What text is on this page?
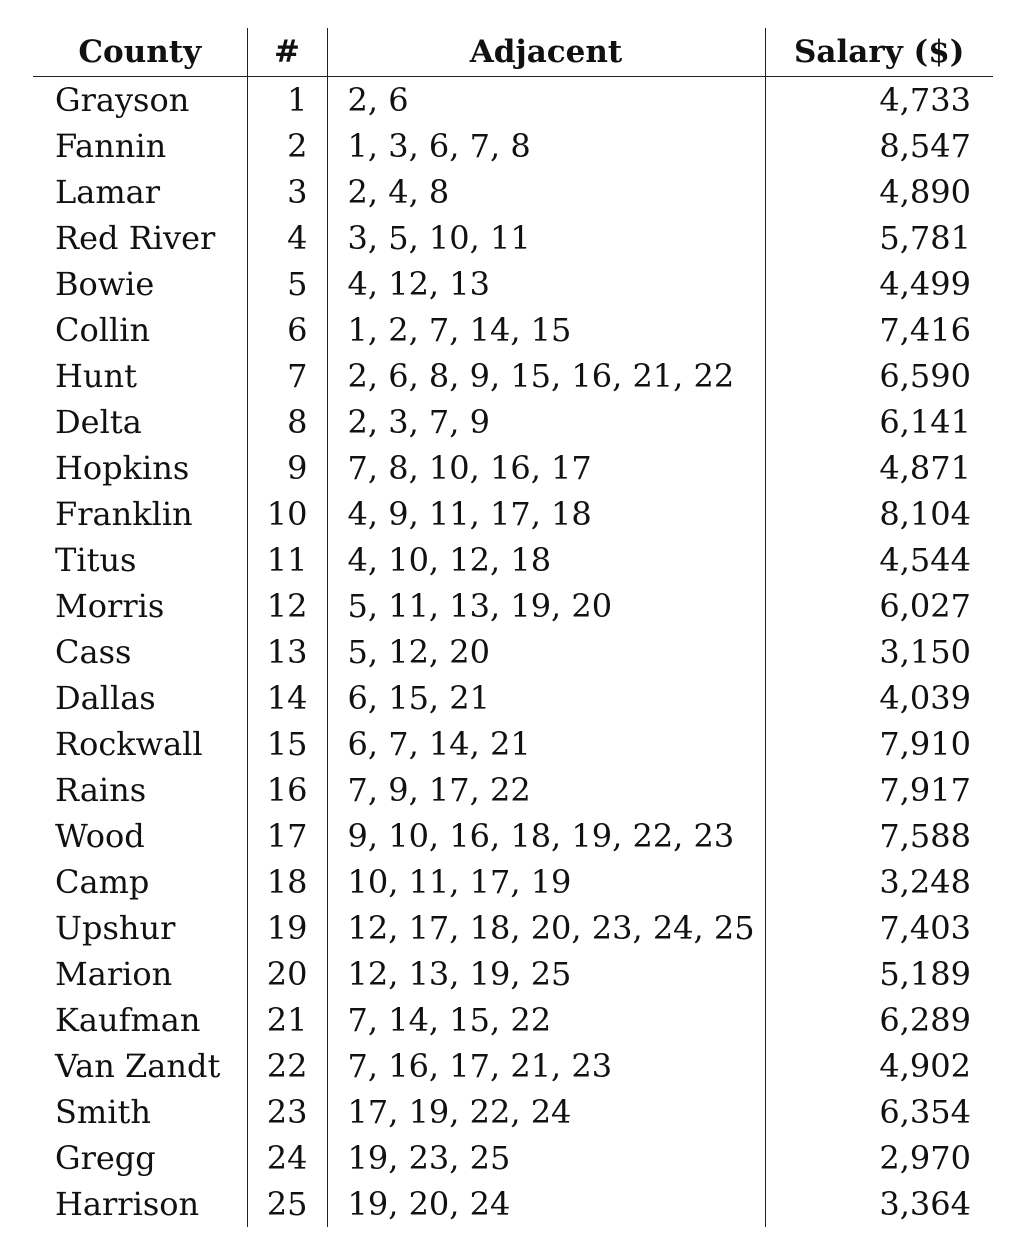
County	#	Adjacent	Salary ($)
Grayson	1	2, 6	4,733
Fannin	2	1, 3, 6, 7, 8	8,547
Lamar	3	2, 4, 8	4,890
Red River	4	3, 5, 10, 11	5,781
Bowie	5	4, 12, 13	4,499
Collin	6	1, 2, 7, 14, 15	7,416
Hunt	7	2, 6, 8, 9, 15, 16, 21, 22	6,590
Delta	8	2, 3, 7, 9	6,141
Hopkins	9	7, 8, 10, 16, 17	4,871
Franklin	10	4, 9, 11, 17, 18	8,104
Titus	11	4, 10, 12, 18	4,544
Morris	12	5, 11, 13, 19, 20	6,027
Cass	13	5, 12, 20	3,150
Dallas	14	6, 15, 21	4,039
Rockwall	15	6, 7, 14, 21	7,910
Rains	16	7, 9, 17, 22	7,917
Wood	17	9, 10, 16, 18, 19, 22, 23	7,588
Camp	18	10, 11, 17, 19	3,248
Upshur	19	12, 17, 18, 20, 23, 24, 25	7,403
Marion	20	12, 13, 19, 25	5,189
Kaufman	21	7, 14, 15, 22	6,289
Van Zandt	22	7, 16, 17, 21, 23	4,902
Smith	23	17, 19, 22, 24	6,354
Gregg	24	19, 23, 25	2,970
Harrison	25	19, 20, 24	3,364
